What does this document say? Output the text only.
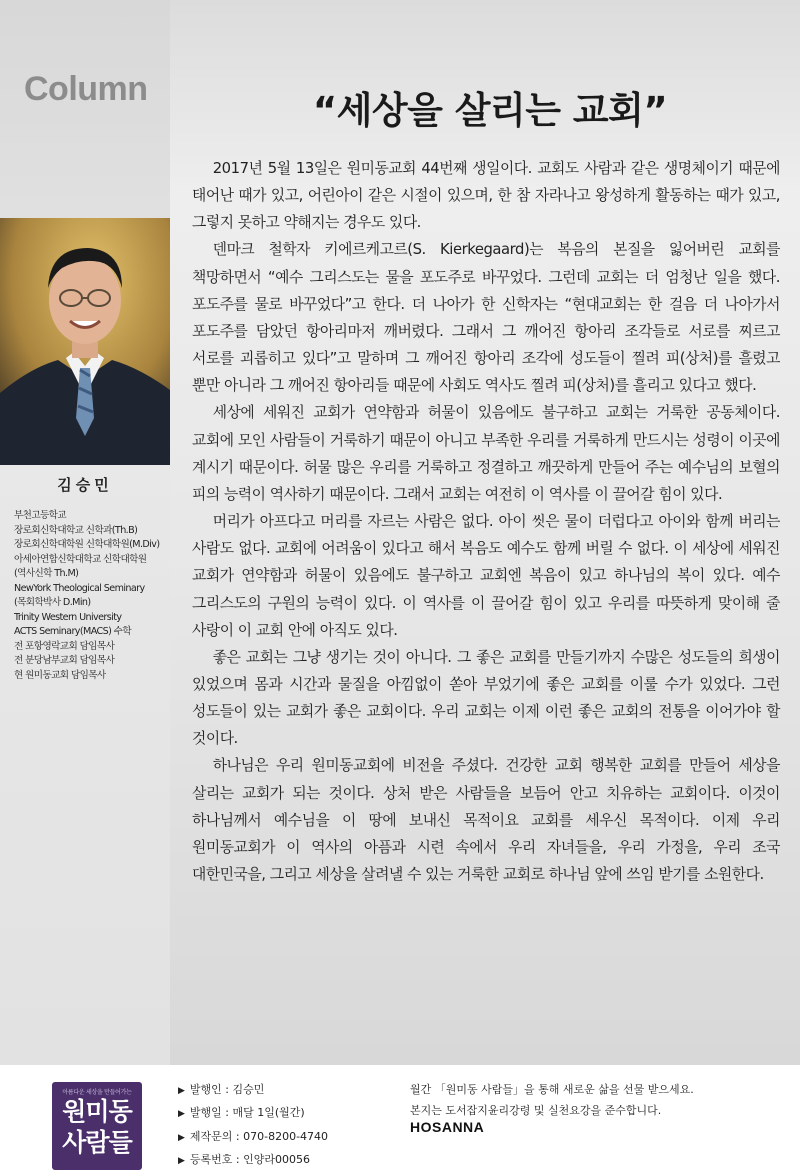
Column
김승민
부천고등학교
장로회신학대학교 신학과(Th.B)
장로회신학대학원 신학대학원(M.Div)
아세아연합신학대학교 신학대학원
(역사신학 Th.M)
NewYork Theological Seminary
(목회학박사 D.Min)
Trinity Western University
ACTS Seminary(MACS) 수학
전 포항영락교회 담임목사
전 분당남부교회 담임목사
현 원미동교회 담임목사
“세상을 살리는 교회”

2017년 5월 13일은 원미동교회 44번째 생일이다. 교회도 사람과 같은 생명체이기 때문에 태어난 때가 있고, 어린아이 같은 시절이 있으며, 한 참 자라나고 왕성하게 활동하는 때가 있고, 그렇지 못하고 약해지는 경우도 있다.

덴마크 철학자 키에르케고르(S. Kierkegaard)는 복음의 본질을 잃어버린 교회를 책망하면서 “예수 그리스도는 물을 포도주로 바꾸었다. 그런데 교회는 더 엄청난 일을 했다. 포도주를 물로 바꾸었다”고 한다. 더 나아가 한 신학자는 “현대교회는 한 걸음 더 나아가서 포도주를 담았던 항아리마저 깨버렸다. 그래서 그 깨어진 항아리 조각들로 서로를 찌르고 서로를 괴롭히고 있다”고 말하며 그 깨어진 항아리 조각에 성도들이 찔려 피(상처)를 흘렸고 뿐만 아니라 그 깨어진 항아리들 때문에 사회도 역사도 찔려 피(상처)를 흘리고 있다고 했다.

세상에 세워진 교회가 연약함과 허물이 있음에도 불구하고 교회는 거룩한 공동체이다. 교회에 모인 사람들이 거룩하기 때문이 아니고 부족한 우리를 거룩하게 만드시는 성령이 이곳에 계시기 때문이다. 허물 많은 우리를 거룩하고 정결하고 깨끗하게 만들어 주는 예수님의 보혈의 피의 능력이 역사하기 때문이다. 그래서 교회는 여전히 이 역사를 이 끌어갈 힘이 있다.

머리가 아프다고 머리를 자르는 사람은 없다. 아이 씻은 물이 더럽다고 아이와 함께 버리는 사람도 없다. 교회에 어려움이 있다고 해서 복음도 예수도 함께 버릴 수 없다. 이 세상에 세워진 교회가 연약함과 허물이 있음에도 불구하고 교회엔 복음이 있고 하나님의 복이 있다. 예수 그리스도의 구원의 능력이 있다. 이 역사를 이 끌어갈 힘이 있고 우리를 따뜻하게 맞이해 줄 사랑이 이 교회 안에 아직도 있다.

좋은 교회는 그냥 생기는 것이 아니다. 그 좋은 교회를 만들기까지 수많은 성도들의 희생이 있었으며 몸과 시간과 물질을 아낌없이 쏟아 부었기에 좋은 교회를 이룰 수가 있었다. 그런 성도들이 있는 교회가 좋은 교회이다. 우리 교회는 이제 이런 좋은 교회의 전통을 이어가야 할 것이다.

하나님은 우리 원미동교회에 비전을 주셨다. 건강한 교회 행복한 교회를 만들어 세상을 살리는 교회가 되는 것이다. 상처 받은 사람들을 보듬어 안고 치유하는 교회이다. 이것이 하나님께서 예수님을 이 땅에 보내신 목적이요 교회를 세우신 목적이다. 이제 우리 원미동교회가 이 역사의 아픔과 시련 속에서 우리 자녀들을, 우리 가정을, 우리 조국 대한민국을, 그리고 세상을 살려낼 수 있는 거룩한 교회로 하나님 앞에 쓰임 받기를 소원한다.

아름다운 세상을 만들어가는
원미동
사람들
▶ 발행인 : 김승민
▶ 발행일 : 매달 1일(월간)
▶ 제작문의 : 070-8200-4740
▶ 등록번호 : 인양라00056
월간 「원미동 사람들」을 통해 새로운 삶을 선물 받으세요.
본지는 도서잡지윤리강령 및 실천요강을 준수합니다.
HOSANNA
